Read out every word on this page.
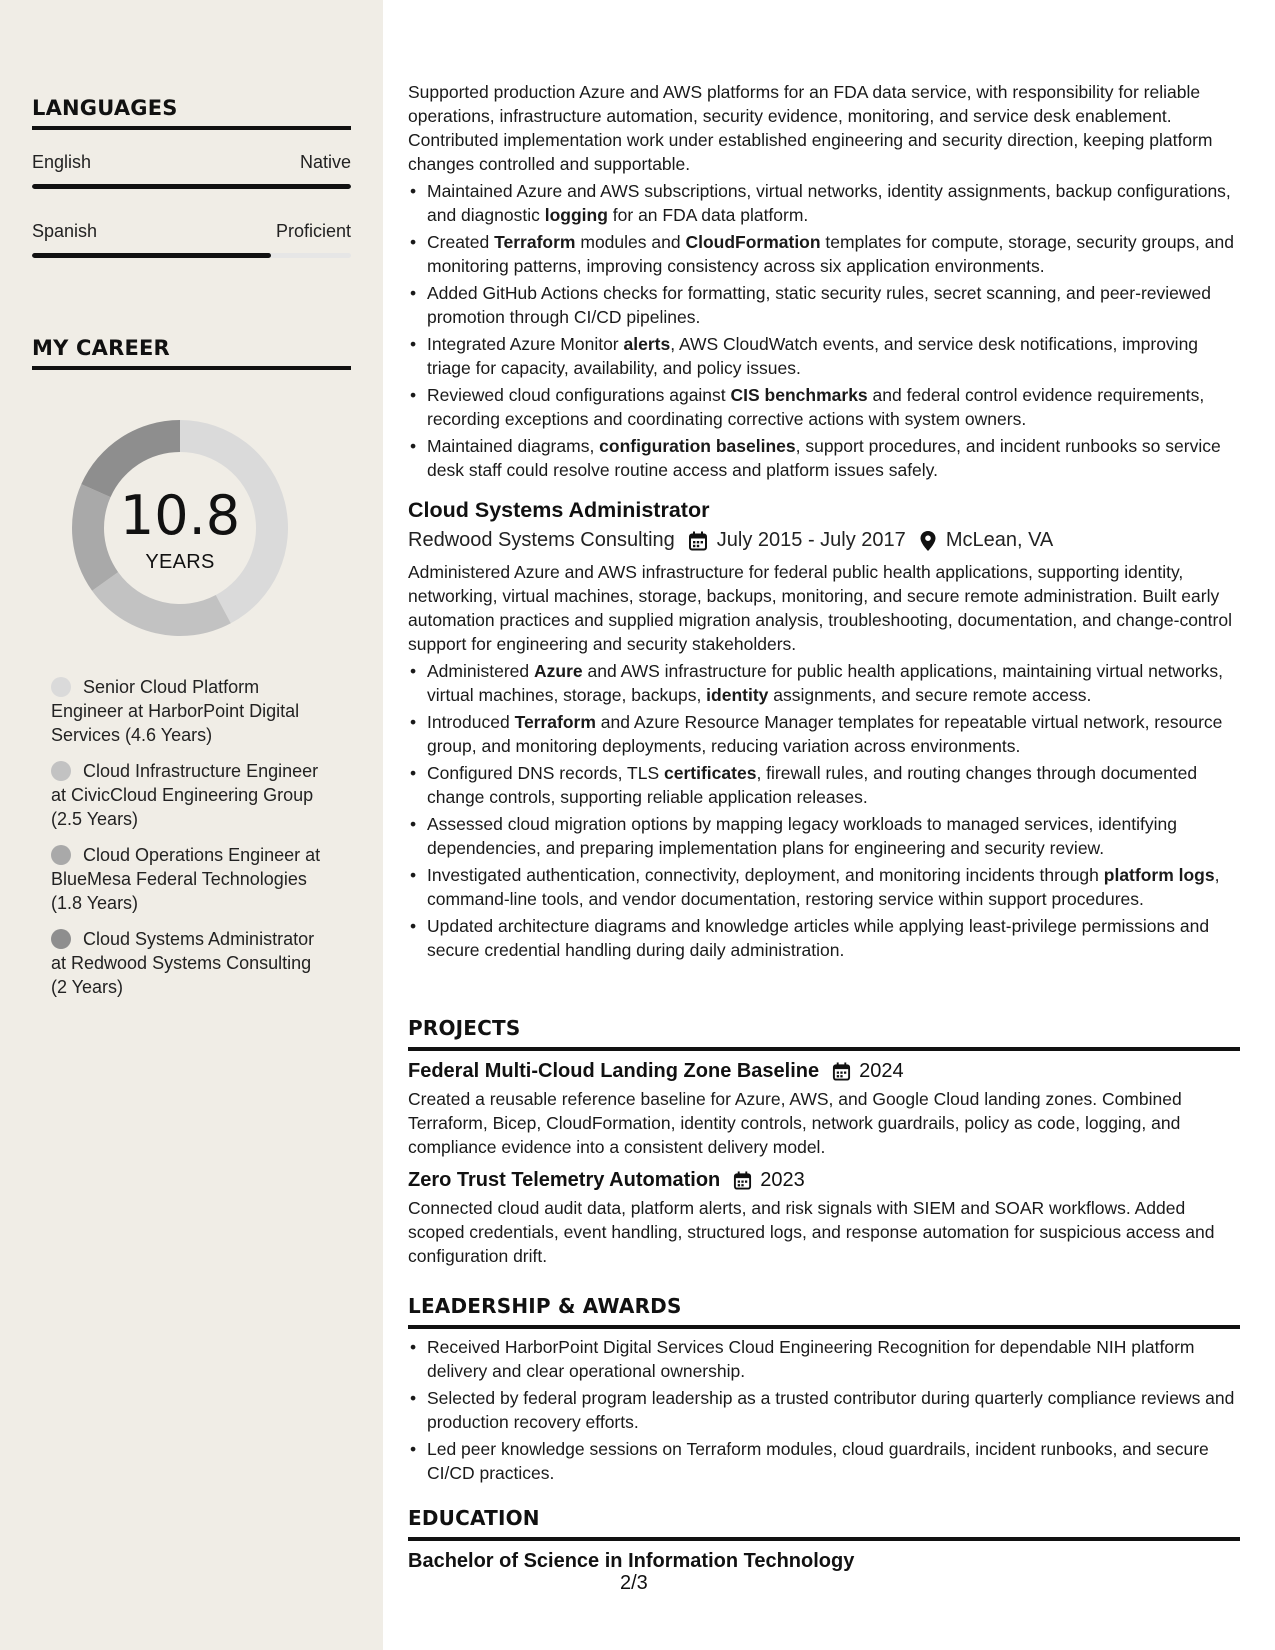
LANGUAGES
English	Native
Spanish	Proficient
MY CAREER
10.8
YEARS
Senior Cloud Platform Engineer at HarborPoint Digital Services (4.6 Years)
Cloud Infrastructure Engineer at CivicCloud Engineering Group (2.5 Years)
Cloud Operations Engineer at BlueMesa Federal Technologies (1.8 Years)
Cloud Systems Administrator at Redwood Systems Consulting (2 Years)

Supported production Azure and AWS platforms for an FDA data service, with responsibility for reliable operations, infrastructure automation, security evidence, monitoring, and service desk enablement. Contributed implementation work under established engineering and security direction, keeping platform changes controlled and supportable.

• Maintained Azure and AWS subscriptions, virtual networks, identity assignments, backup configurations, and diagnostic logging for an FDA data platform.
• Created Terraform modules and CloudFormation templates for compute, storage, security groups, and monitoring patterns, improving consistency across six application environments.
• Added GitHub Actions checks for formatting, static security rules, secret scanning, and peer-reviewed promotion through CI/CD pipelines.
• Integrated Azure Monitor alerts, AWS CloudWatch events, and service desk notifications, improving triage for capacity, availability, and policy issues.
• Reviewed cloud configurations against CIS benchmarks and federal control evidence requirements, recording exceptions and coordinating corrective actions with system owners.
• Maintained diagrams, configuration baselines, support procedures, and incident runbooks so service desk staff could resolve routine access and platform issues safely.
Cloud Systems Administrator
Redwood Systems Consulting July 2015 - July 2017 McLean, VA

Administered Azure and AWS infrastructure for federal public health applications, supporting identity, networking, virtual machines, storage, backups, monitoring, and secure remote administration. Built early automation practices and supplied migration analysis, troubleshooting, documentation, and change-control support for engineering and security stakeholders.

• Administered Azure and AWS infrastructure for public health applications, maintaining virtual networks, virtual machines, storage, backups, identity assignments, and secure remote access.
• Introduced Terraform and Azure Resource Manager templates for repeatable virtual network, resource group, and monitoring deployments, reducing variation across environments.
• Configured DNS records, TLS certificates, firewall rules, and routing changes through documented change controls, supporting reliable application releases.
• Assessed cloud migration options by mapping legacy workloads to managed services, identifying dependencies, and preparing implementation plans for engineering and security review.
• Investigated authentication, connectivity, deployment, and monitoring incidents through platform logs, command-line tools, and vendor documentation, restoring service within support procedures.
• Updated architecture diagrams and knowledge articles while applying least-privilege permissions and secure credential handling during daily administration.
PROJECTS
Federal Multi-Cloud Landing Zone Baseline 2024

Created a reusable reference baseline for Azure, AWS, and Google Cloud landing zones. Combined Terraform, Bicep, CloudFormation, identity controls, network guardrails, policy as code, logging, and compliance evidence into a consistent delivery model.

Zero Trust Telemetry Automation 2023

Connected cloud audit data, platform alerts, and risk signals with SIEM and SOAR workflows. Added scoped credentials, event handling, structured logs, and response automation for suspicious access and configuration drift.

LEADERSHIP & AWARDS
• Received HarborPoint Digital Services Cloud Engineering Recognition for dependable NIH platform delivery and clear operational ownership.
• Selected by federal program leadership as a trusted contributor during quarterly compliance reviews and production recovery efforts.
• Led peer knowledge sessions on Terraform modules, cloud guardrails, incident runbooks, and secure CI/CD practices.
EDUCATION
Bachelor of Science in Information Technology
2/3
